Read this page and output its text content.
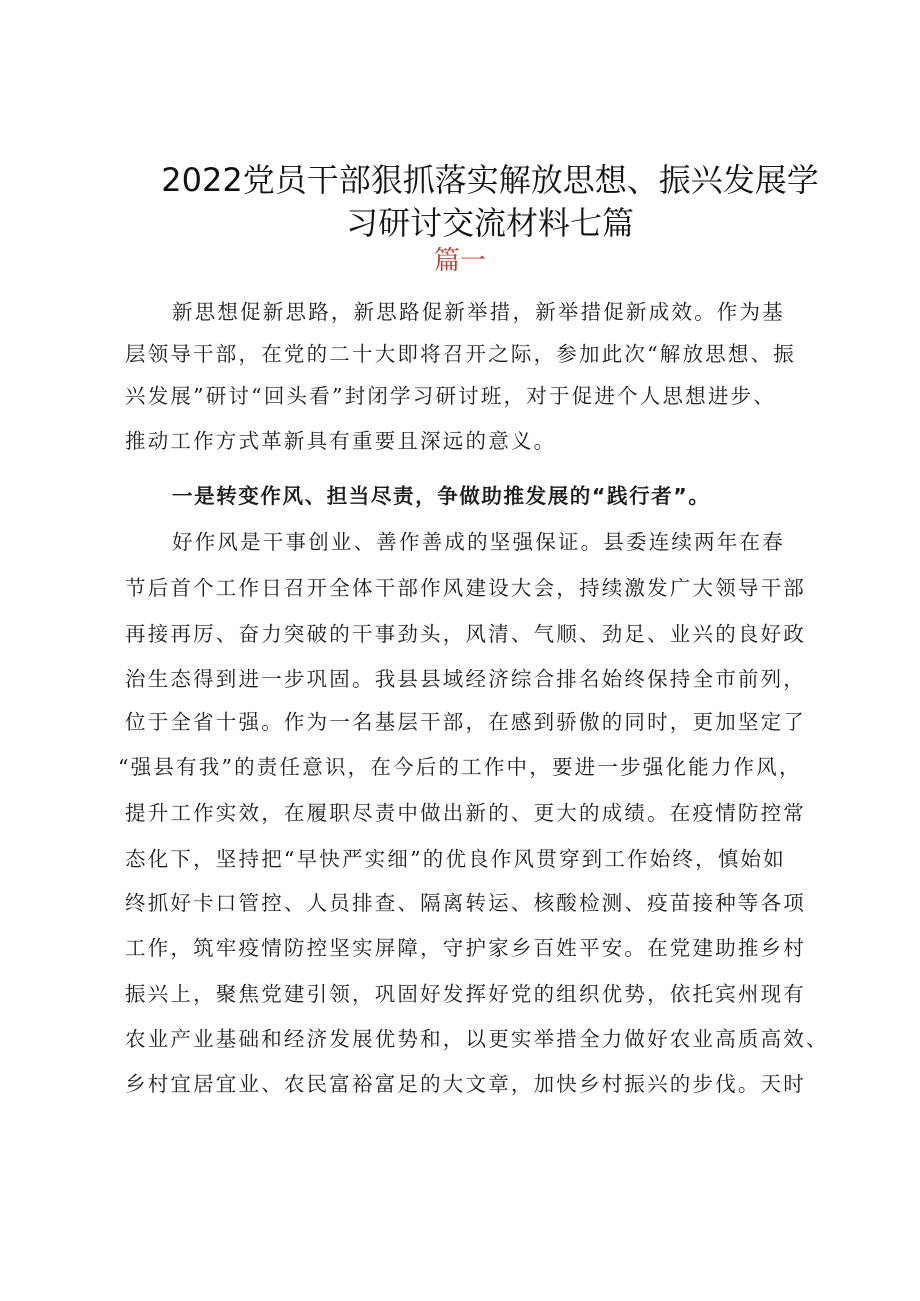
2022党员干部狠抓落实解放思想、振兴发展学
习研讨交流材料七篇
篇一
新思想促新思路，新思路促新举措，新举措促新成效。作为基
层领导干部，在党的二十大即将召开之际，参加此次“解放思想、振
兴发展”研讨“回头看”封闭学习研讨班，对于促进个人思想进步、
推动工作方式革新具有重要且深远的意义。
一是转变作风、担当尽责，争做助推发展的“践行者”。
好作风是干事创业、善作善成的坚强保证。县委连续两年在春
节后首个工作日召开全体干部作风建设大会，持续激发广大领导干部
再接再厉、奋力突破的干事劲头，风清、气顺、劲足、业兴的良好政
治生态得到进一步巩固。我县县域经济综合排名始终保持全市前列，
位于全省十强。作为一名基层干部，在感到骄傲的同时，更加坚定了
“强县有我”的责任意识，在今后的工作中，要进一步强化能力作风，
提升工作实效，在履职尽责中做出新的、更大的成绩。在疫情防控常
态化下，坚持把“早快严实细”的优良作风贯穿到工作始终，慎始如
终抓好卡口管控、人员排查、隔离转运、核酸检测、疫苗接种等各项
工作，筑牢疫情防控坚实屏障，守护家乡百姓平安。在党建助推乡村
振兴上，聚焦党建引领，巩固好发挥好党的组织优势，依托宾州现有
农业产业基础和经济发展优势和，以更实举措全力做好农业高质高效、
乡村宜居宜业、农民富裕富足的大文章，加快乡村振兴的步伐。天时
